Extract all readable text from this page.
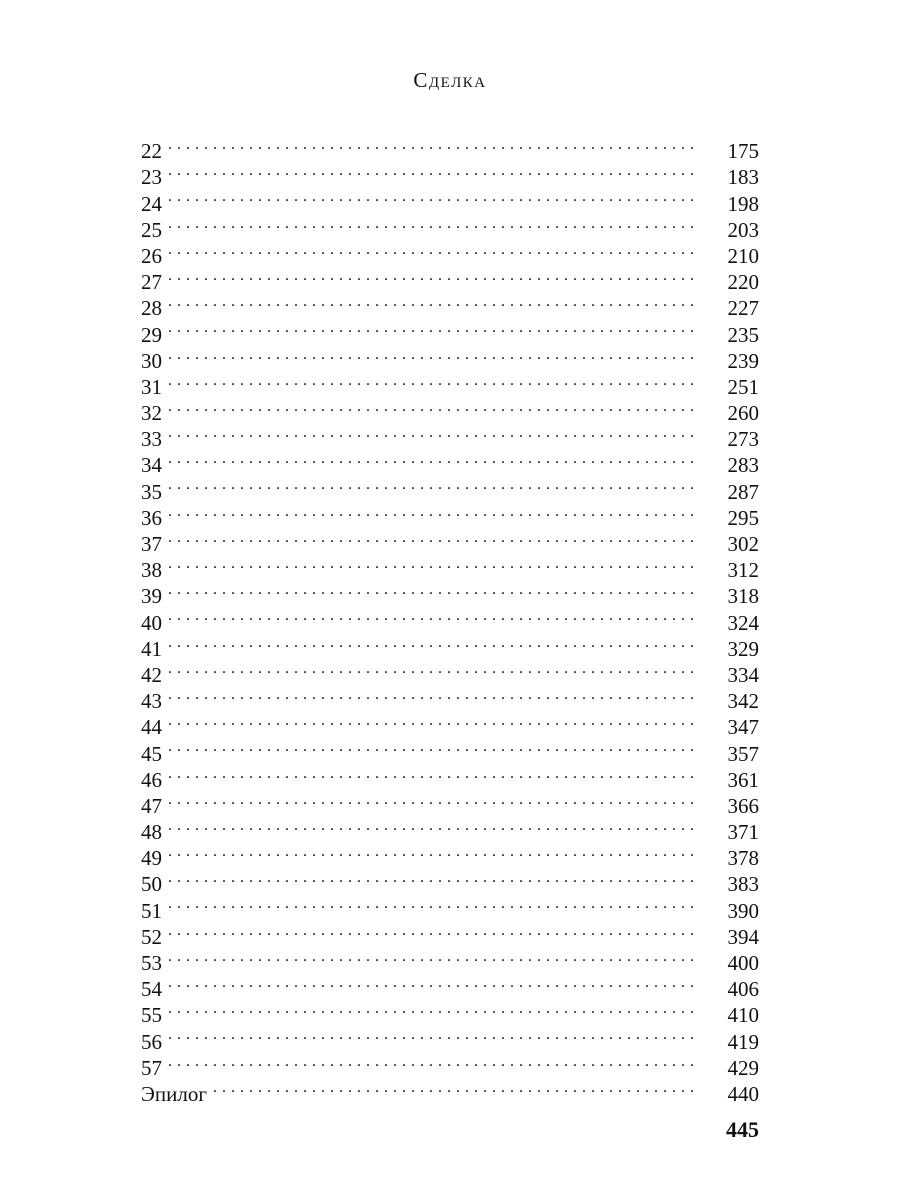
Сделка
22 . . .	175
23 . . .	183
24 . . .	198
25 . . .	203
26 . . .	210
27 . . .	220
28 . . .	227
29 . . .	235
30 . . .	239
31 . . .	251
32 . . .	260
33 . . .	273
34 . . .	283
35 . . .	287
36 . . .	295
37 . . .	302
38 . . .	312
39 . . .	318
40 . . .	324
41 . . .	329
42 . . .	334
43 . . .	342
44 . . .	347
45 . . .	357
46 . . .	361
47 . . .	366
48 . . .	371
49 . . .	378
50 . . .	383
51 . . .	390
52 . . .	394
53 . . .	400
54 . . .	406
55 . . .	410
56 . . .	419
57 . . .	429
Эпилог . . .	440
445
